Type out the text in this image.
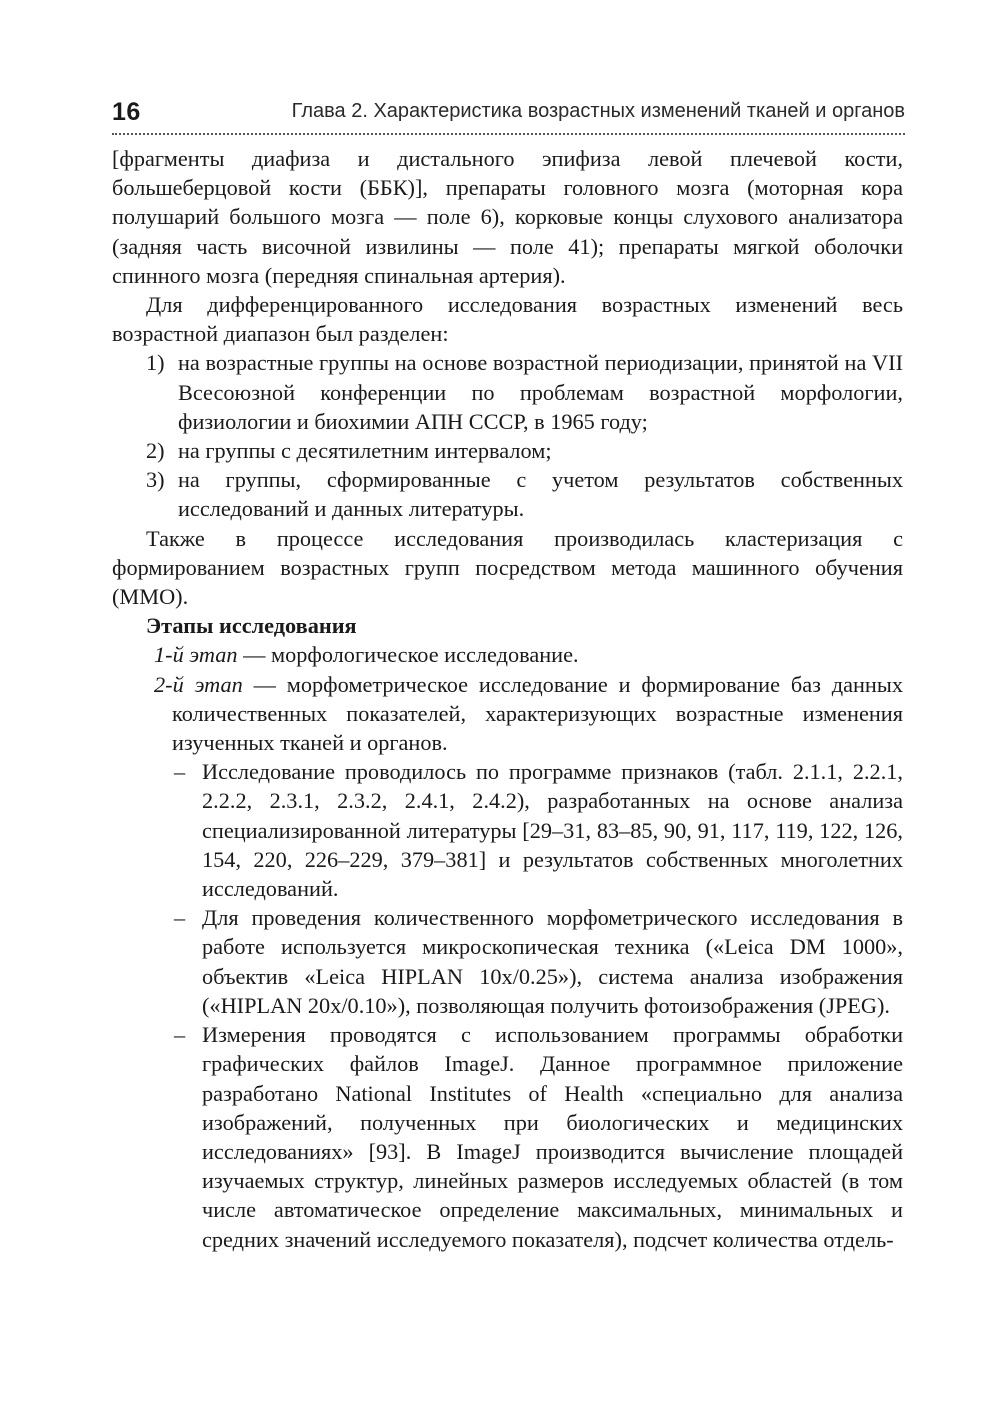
16	Глава 2. Характеристика возрастных изменений тканей и органов

[фрагменты диафиза и дистального эпифиза левой плечевой кости, большеберцовой кости (ББК)], препараты головного мозга (моторная кора полушарий большого мозга — поле 6), корковые концы слухового анализатора (задняя часть височной извилины — поле 41); препараты мягкой оболочки спинного мозга (передняя спинальная артерия).

Для дифференцированного исследования возрастных изменений весь возрастной диапазон был разделен:

1) на возрастные группы на основе возрастной периодизации, принятой на VII Всесоюзной конференции по проблемам возрастной морфологии, физиологии и биохимии АПН СССР, в 1965 году;

2) на группы с десятилетним интервалом;

3) на группы, сформированные с учетом результатов собственных исследований и данных литературы.

Также в процессе исследования производилась кластеризация с формированием возрастных групп посредством метода машинного обучения (ММО).

Этапы исследования

1-й этап — морфологическое исследование.

2-й этап — морфометрическое исследование и формирование баз данных количественных показателей, характеризующих возрастные изменения изученных тканей и органов.

– Исследование проводилось по программе признаков (табл. 2.1.1, 2.2.1, 2.2.2, 2.3.1, 2.3.2, 2.4.1, 2.4.2), разработанных на основе анализа специализированной литературы [29–31, 83–85, 90, 91, 117, 119, 122, 126, 154, 220, 226–229, 379–381] и результатов собственных многолетних исследований.

– Для проведения количественного морфометрического исследования в работе используется микроскопическая техника («Leica DM 1000», объектив «Leica HIPLAN 10x/0.25»), система анализа изображения («HIPLAN 20x/0.10»), позволяющая получить фотоизображения (JPEG).

– Измерения проводятся с использованием программы обработки графических файлов ImageJ. Данное программное приложение разработано National Institutes of Health «специально для анализа изображений, полученных при биологических и медицинских исследованиях» [93]. В ImageJ производится вычисление площадей изучаемых структур, линейных размеров исследуемых областей (в том числе автоматическое определение максимальных, минимальных и средних значений исследуемого показателя), подсчет количества отдель-
